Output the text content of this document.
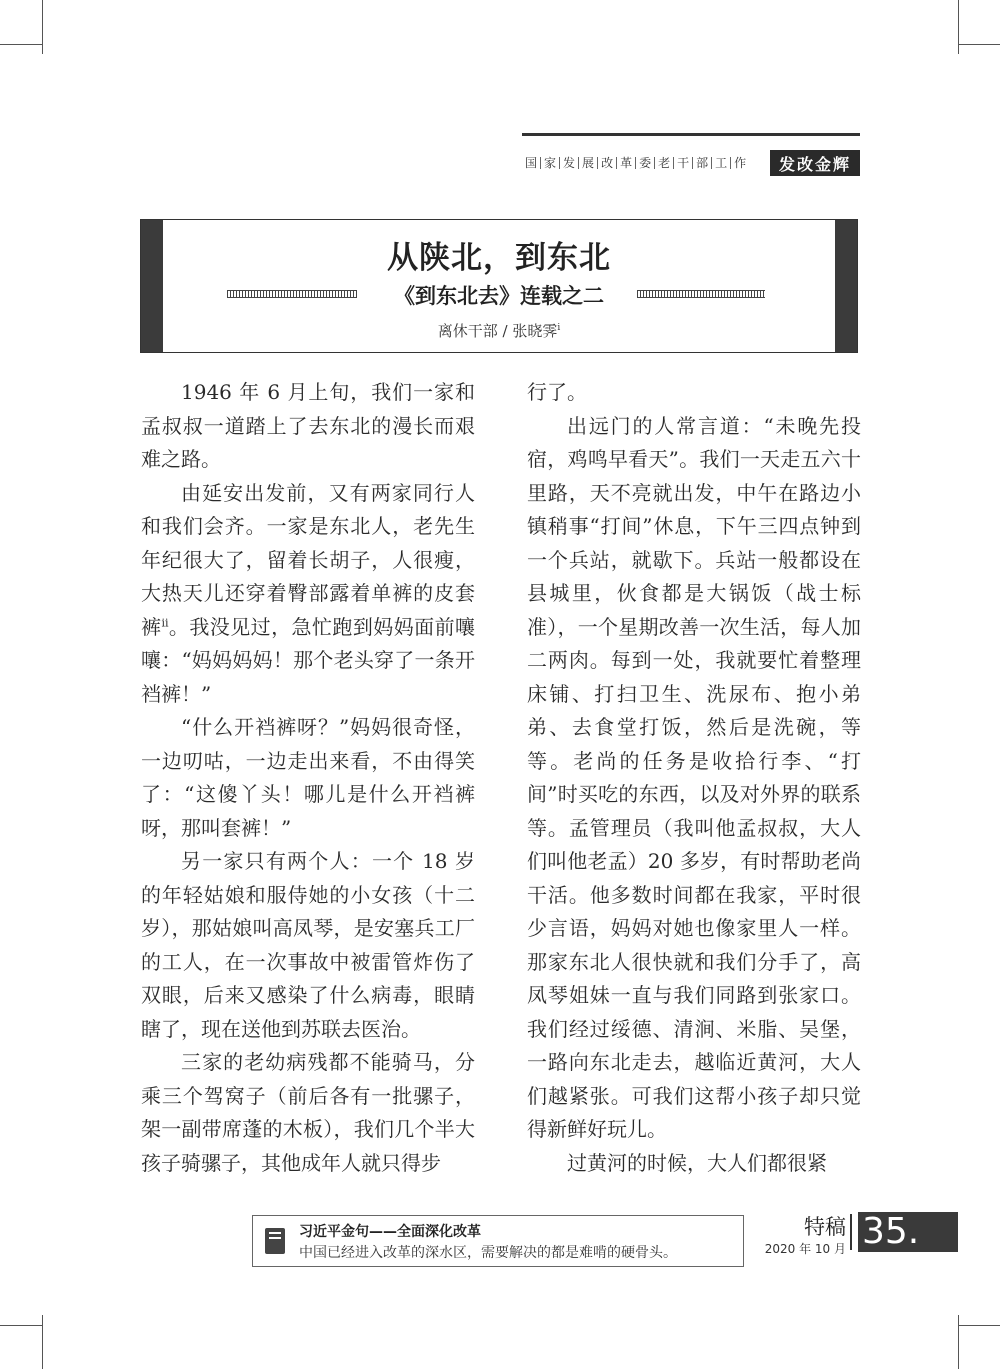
国 家 发 展 改 革 委 老 干 部 工 作	发改金辉
从陕北，到东北
《到东北去》连载之二
离休干部 / 张晓霁$^i$

1946 年 6 月上旬，我们一家和孟叔叔一道踏上了去东北的漫长而艰难之路。

由延安出发前，又有两家同行人和我们会齐。一家是东北人，老先生年纪很大了，留着长胡子，人很瘦，大热天儿还穿着臀部露着单裤的皮套裤$^{ii}$。我没见过，急忙跑到妈妈面前嚷嚷：“妈妈妈妈！那个老头穿了一条开裆裤！”

“什么开裆裤呀？”妈妈很奇怪，一边叨咕，一边走出来看，不由得笑了：“这傻丫头！哪儿是什么开裆裤呀，那叫套裤！”

另一家只有两个人：一个 18 岁的年轻姑娘和服侍她的小女孩（十二岁），那姑娘叫高凤琴，是安塞兵工厂的工人，在一次事故中被雷管炸伤了双眼，后来又感染了什么病毒，眼睛瞎了，现在送他到苏联去医治。

三家的老幼病残都不能骑马，分乘三个驾窝子（前后各有一批骡子，架一副带席蓬的木板），我们几个半大孩子骑骡子，其他成年人就只得步

行了。

出远门的人常言道：“未晚先投宿，鸡鸣早看天”。我们一天走五六十里路，天不亮就出发，中午在路边小镇稍事“打间”休息，下午三四点钟到一个兵站，就歇下。兵站一般都设在县城里，伙食都是大锅饭（战士标准），一个星期改善一次生活，每人加二两肉。每到一处，我就要忙着整理床铺、打扫卫生、洗尿布、抱小弟弟、去食堂打饭，然后是洗碗，等等。老尚的任务是收拾行李、“打间”时买吃的东西，以及对外界的联系等。孟管理员（我叫他孟叔叔，大人们叫他老孟）20 多岁，有时帮助老尚干活。他多数时间都在我家，平时很少言语，妈妈对她也像家里人一样。那家东北人很快就和我们分手了，高凤琴姐妹一直与我们同路到张家口。我们经过绥德、清涧、米脂、吴堡，一路向东北走去，越临近黄河，大人们越紧张。可我们这帮小孩子却只觉得新鲜好玩儿。

过黄河的时候，大人们都很紧

习近平金句——全面深化改革
中国已经进入改革的深水区，需要解决的都是难啃的硬骨头。
特稿
2020 年 10 月 35.
